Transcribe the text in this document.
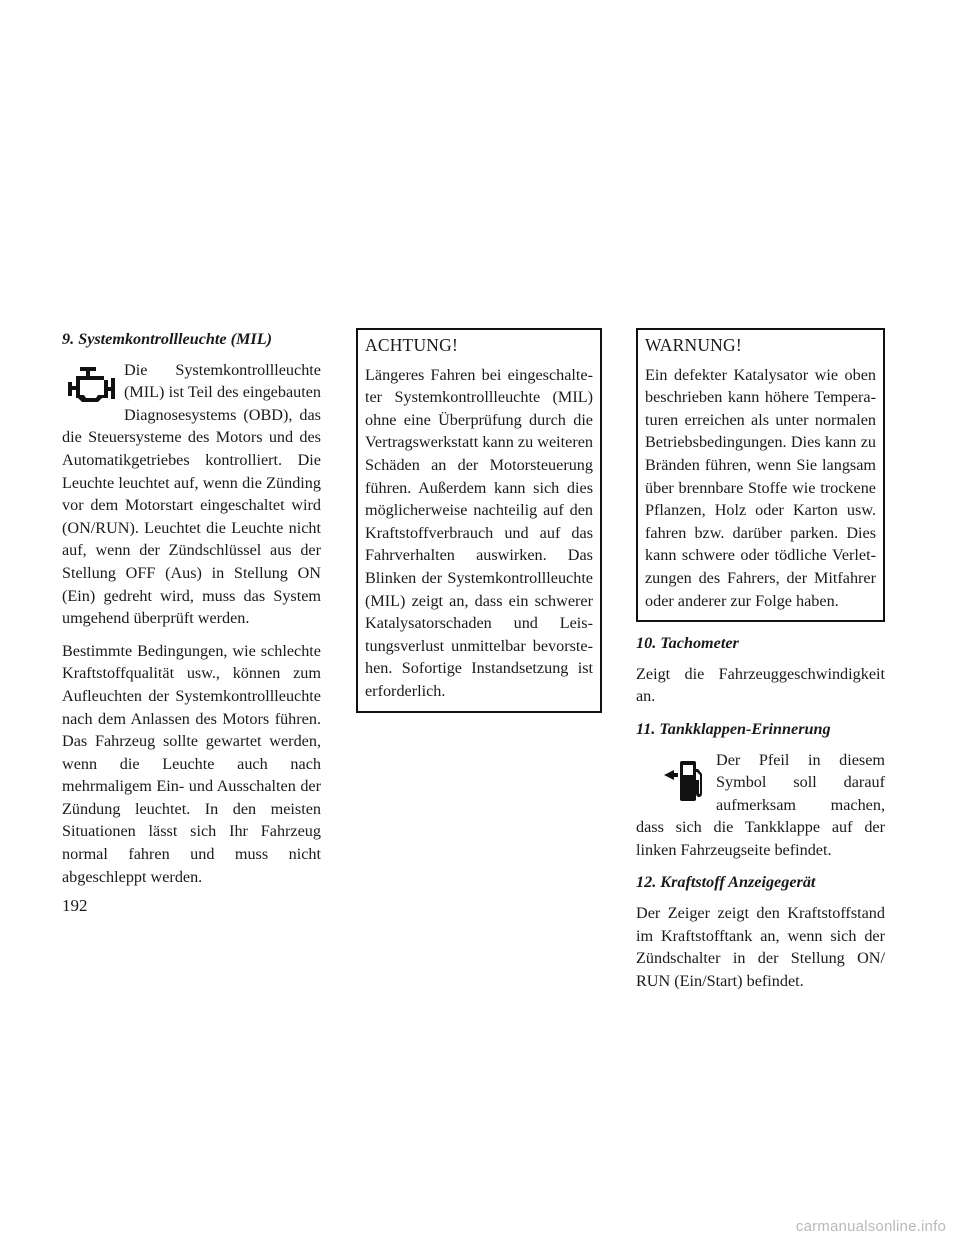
9. Systemkontrollleuchte (MIL)

Die Systemkontrollleuchte (MIL) ist Teil des eingebauten Diagnosesystems (OBD), das die Steuersysteme des Motors und des Automatikgetriebes kontrolliert. Die Leuchte leuchtet auf, wenn die Zünding vor dem Motorstart eingeschaltet wird (ON/RUN). Leuchtet die Leuchte nicht auf, wenn der Zündschlüssel aus der Stellung OFF (Aus) in Stellung ON (Ein) gedreht wird, muss das System umgehend überprüft werden.

Bestimmte Bedingungen, wie schlechte Kraftstoffqualität usw., können zum Aufleuchten der Systemkontrollleuchte nach dem Anlassen des Motors führen. Das Fahrzeug sollte gewartet werden, wenn die Leuchte auch nach mehrmaligem Ein- und Ausschalten der Zündung leuchtet. In den meisten Situationen lässt sich Ihr Fahrzeug normal fahren und muss nicht abgeschleppt werden.

ACHTUNG!

Längeres Fahren bei eingeschalteter Systemkontrollleuchte (MIL) ohne eine Überprüfung durch die Vertragswerkstatt kann zu weiteren Schäden an der Motorsteuerung führen. Außerdem kann sich dies möglicherweise nachteilig auf den Kraftstoffverbrauch und auf das Fahrverhalten auswirken. Das Blinken der Systemkontrollleuchte (MIL) zeigt an, dass ein schwerer Katalysatorschaden und Leistungsverlust unmittelbar bevorstehen. Sofortige Instandsetzung ist erforderlich.

WARNUNG!

Ein defekter Katalysator wie oben beschrieben kann höhere Temperaturen erreichen als unter normalen Betriebsbedingungen. Dies kann zu Bränden führen, wenn Sie langsam über brennbare Stoffe wie trockene Pflanzen, Holz oder Karton usw. fahren bzw. darüber parken. Dies kann schwere oder tödliche Verletzungen des Fahrers, der Mitfahrer oder anderer zur Folge haben.

10. Tachometer

Zeigt die Fahrzeuggeschwindigkeit an.

11. Tankklappen-Erinnerung

Der Pfeil in diesem Symbol soll darauf aufmerksam machen, dass sich die Tankklappe auf der linken Fahrzeugseite befindet.

12. Kraftstoff Anzeigegerät

Der Zeiger zeigt den Kraftstoffstand im Kraftstofftank an, wenn sich der Zündschalter in der Stellung ON/ RUN (Ein/Start) befindet.

192
carmanualsonline.info
